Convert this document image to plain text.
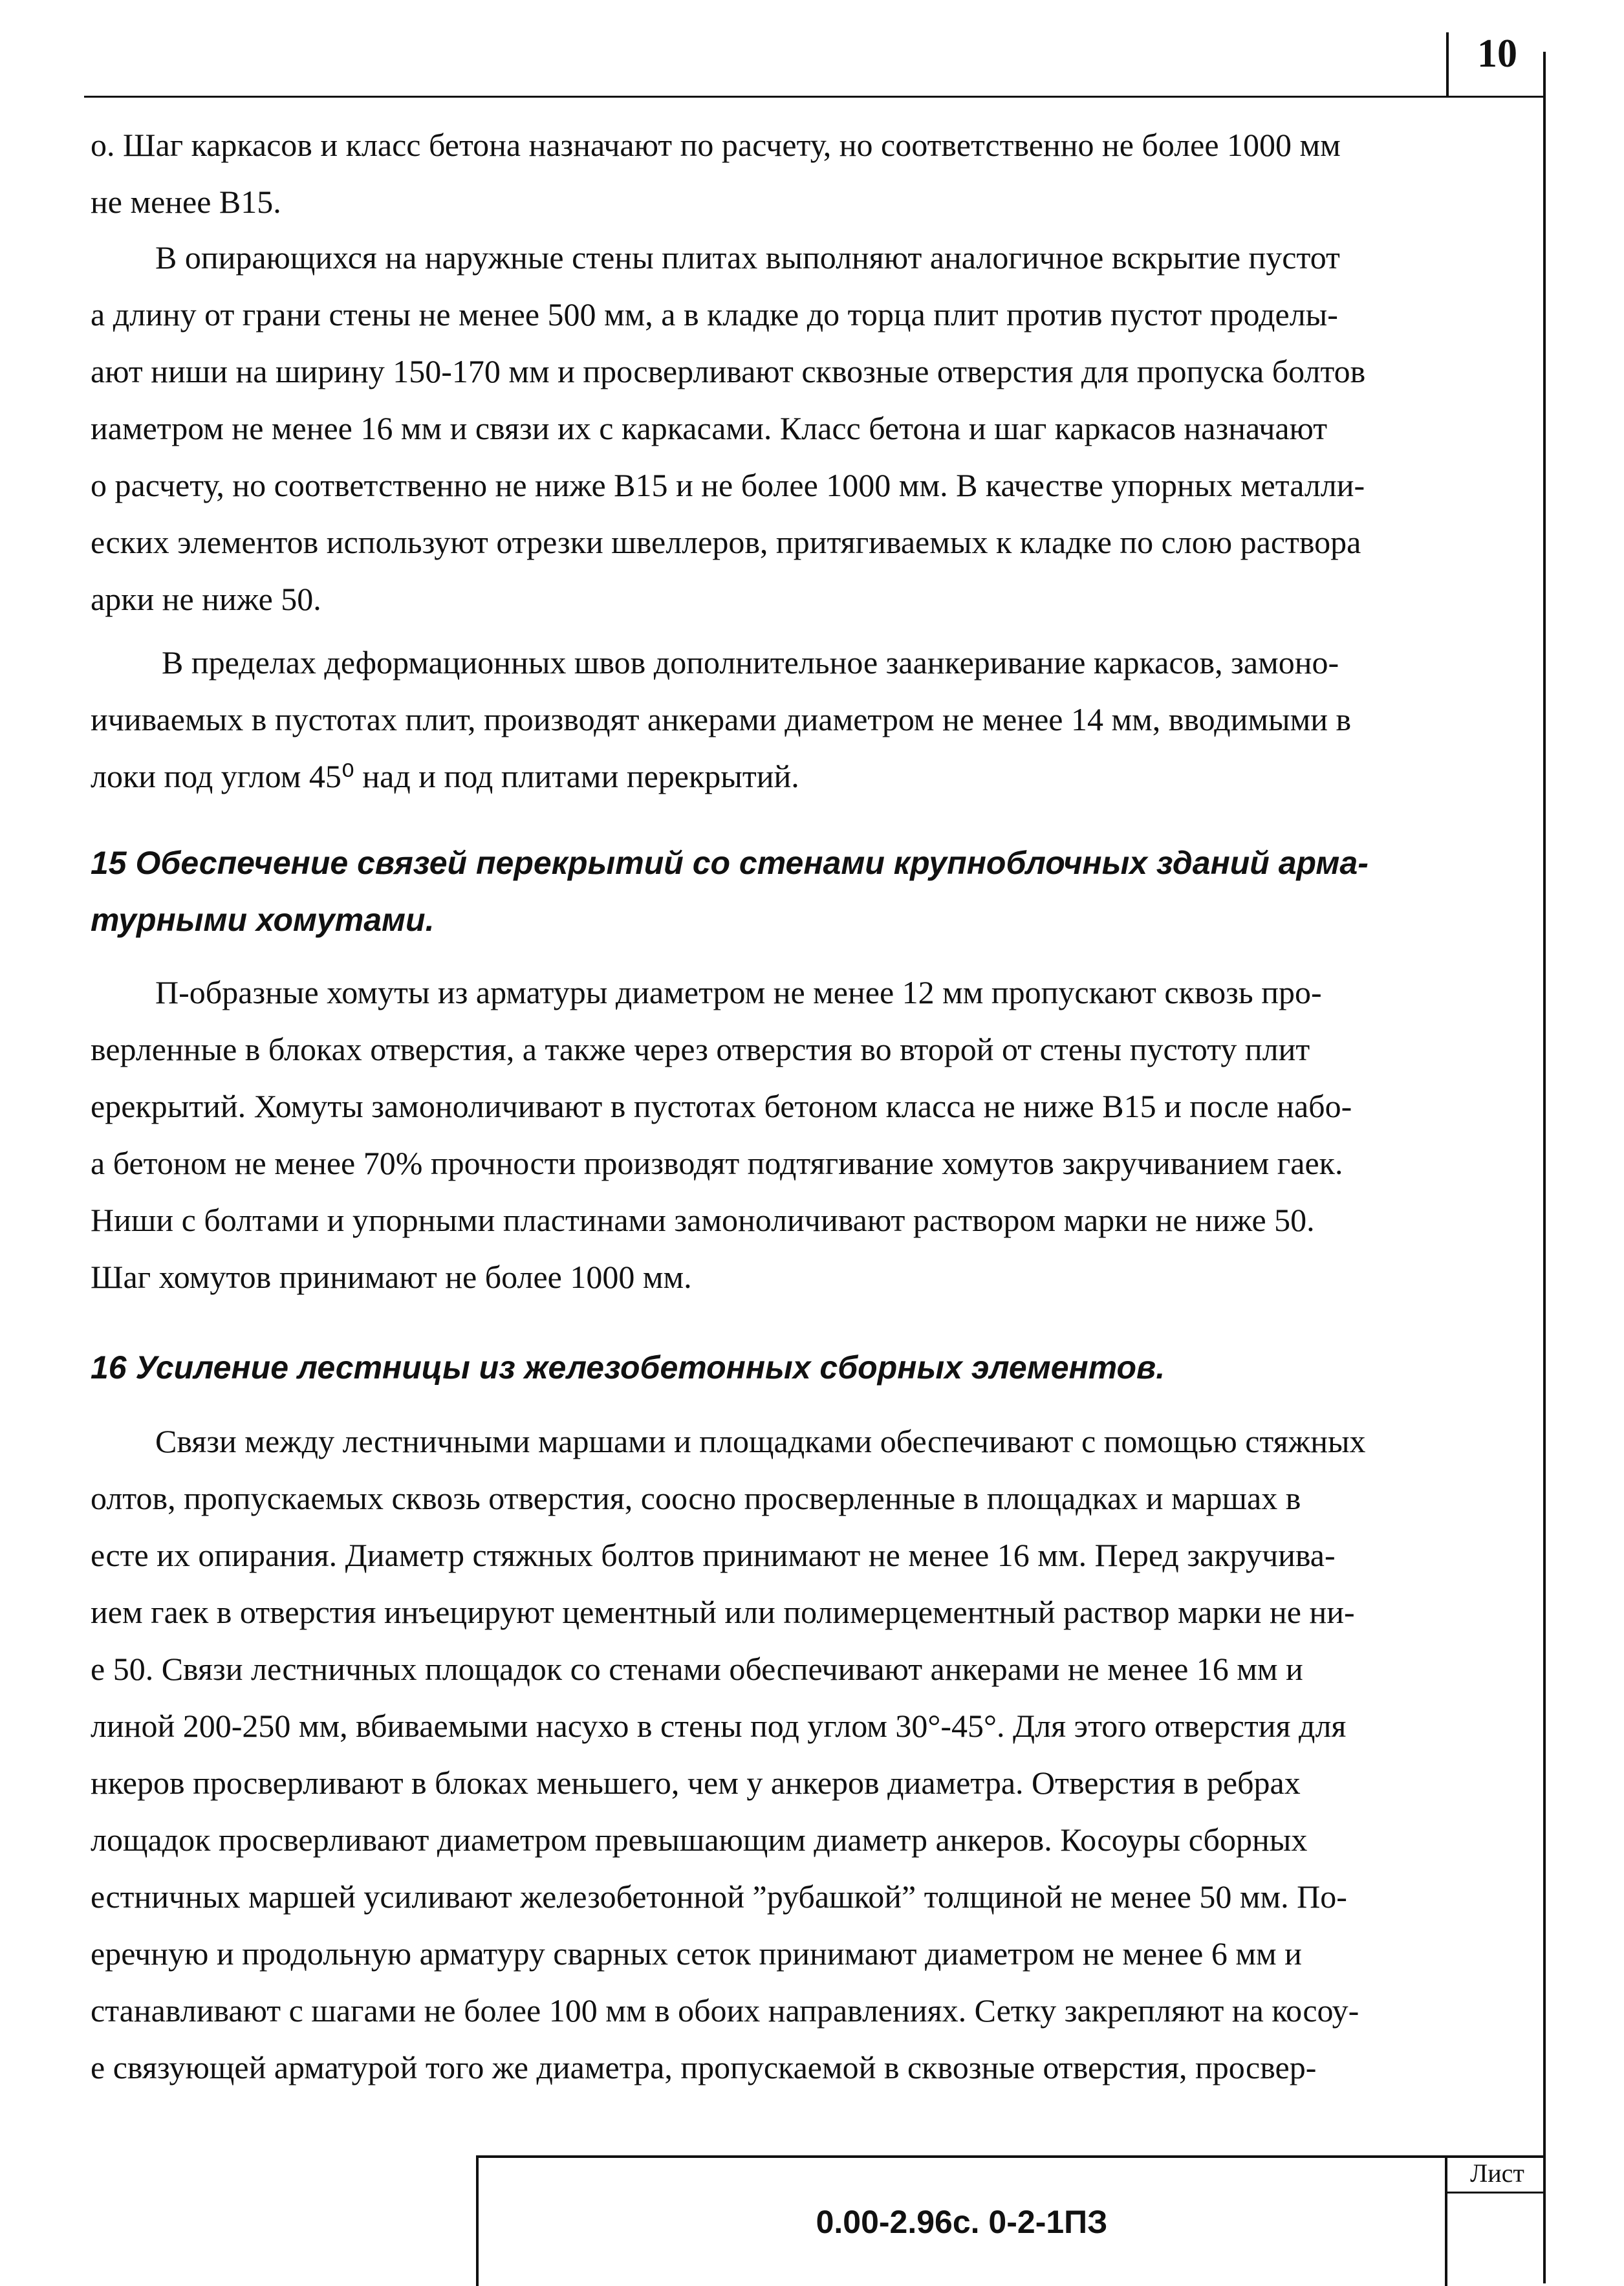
10
о. Шаг каркасов и класс бетона назначают по расчету, но соответственно не более 1000 мм
не менее В15.
В опирающихся на наружные стены плитах выполняют аналогичное вскрытие пустот
а длину от грани стены не менее 500 мм, а в кладке до торца плит против пустот проделы-
ают ниши на ширину 150-170 мм и просверливают сквозные отверстия для пропуска болтов
иаметром не менее 16 мм и связи их с каркасами. Класс бетона и шаг каркасов назначают
о расчету, но соответственно не ниже В15 и не более 1000 мм. В качестве упорных металли-
еских элементов используют отрезки швеллеров, притягиваемых к кладке по слою раствора
арки не ниже 50.
В пределах деформационных швов дополнительное заанкеривание каркасов, замоно-
ичиваемых в пустотах плит, производят анкерами диаметром не менее 14 мм, вводимыми в
локи под углом 45⁰ над и под плитами перекрытий.
15 Обеспечение связей перекрытий со стенами крупноблочных зданий арма-
турными хомутами.
П-образные хомуты из арматуры диаметром не менее 12 мм пропускают сквозь про-
верленные в блоках отверстия, а также через отверстия во второй от стены пустоту плит
ерекрытий. Хомуты замоноличивают в пустотах бетоном класса не ниже В15 и после набо-
а бетоном не менее 70% прочности производят подтягивание хомутов закручиванием гаек.
Ниши с болтами и упорными пластинами замоноличивают раствором марки не ниже 50.
Шаг хомутов принимают не более 1000 мм.
16 Усиление лестницы из железобетонных сборных элементов.
Связи между лестничными маршами и площадками обеспечивают с помощью стяжных
олтов, пропускаемых сквозь отверстия, соосно просверленные в площадках и маршах в
есте их опирания. Диаметр стяжных болтов принимают не менее 16 мм. Перед закручива-
ием гаек в отверстия инъецируют цементный или полимерцементный раствор марки не ни-
е 50. Связи лестничных площадок со стенами обеспечивают анкерами не менее 16 мм и
линой 200-250 мм, вбиваемыми насухо в стены под углом 30°-45°. Для этого отверстия для
нкеров просверливают в блоках меньшего, чем у анкеров диаметра. Отверстия в ребрах
лощадок просверливают диаметром превышающим диаметр анкеров. Косоуры сборных
естничных маршей усиливают железобетонной ”рубашкой” толщиной не менее 50 мм. По-
еречную и продольную арматуру сварных сеток принимают диаметром не менее 6 мм и
станавливают с шагами не более 100 мм в обоих направлениях. Сетку закрепляют на косоу-
е связующей арматурой того же диаметра, пропускаемой в сквозные отверстия, просвер-
0.00-2.96с. 0-2-1ПЗ
Лист
